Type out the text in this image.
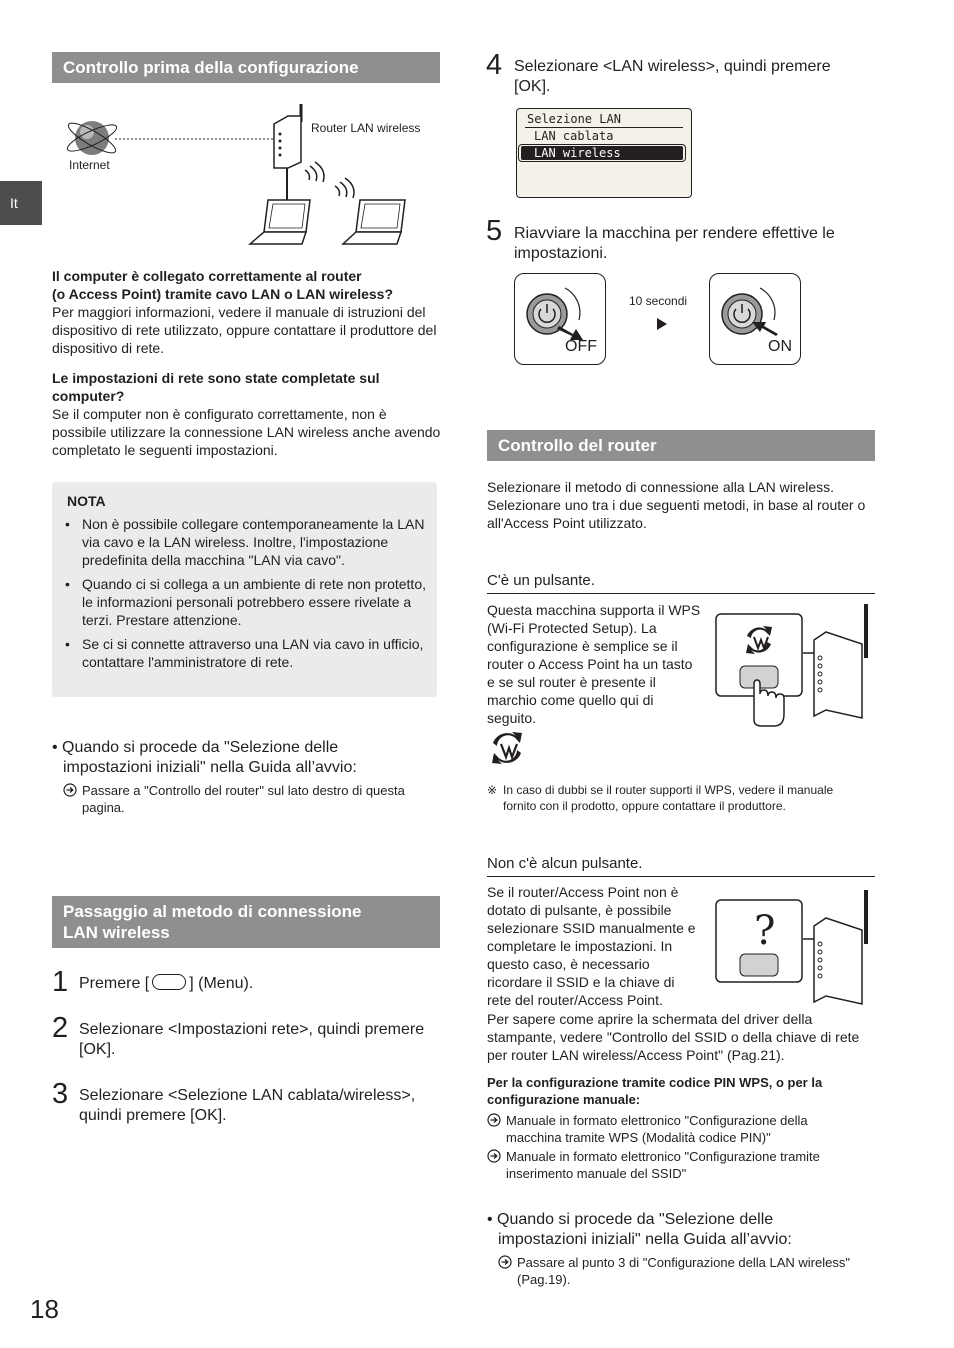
It
Controllo prima della configurazione
Internet
Router LAN wireless

Il computer è collegato correttamente al router

(o Access Point) tramite cavo LAN o LAN wireless?

Per maggiori informazioni, vedere il manuale di istruzioni del dispositivo di rete utilizzato, oppure contattare il produttore del dispositivo di rete.

Le impostazioni di rete sono state completate sul computer?

Se il computer non è configurato correttamente, non è possibile utilizzare la connessione LAN wireless anche avendo completato le seguenti impostazioni.

NOTA
• Non è possibile collegare contemporaneamente la LAN via cavo e la LAN wireless. Inoltre, l'impostazione predefinita della macchina "LAN via cavo".
• Quando ci si collega a un ambiente di rete non protetto, le informazioni personali potrebbero essere rivelate a terzi. Prestare attenzione.
• Se ci si connette attraverso una LAN via cavo in ufficio, contattare l'amministratore di rete.
• Quando si procede da "Selezione delle impostazioni iniziali" nella Guida all’avvio:
Passare a "Controllo del router" sul lato destro di questa pagina.
Passaggio al metodo di connessione
LAN wireless
1 Premere [	] (Menu).
2 Selezionare <Impostazioni rete>, quindi premere [OK].
3 Selezionare <Selezione LAN cablata/wireless>, quindi premere [OK].
18
4 Selezionare <LAN wireless>, quindi premere [OK].
Selezione LAN
LAN cablata
LAN wireless
5 Riavviare la macchina per rendere effettive le impostazioni.
OFF
10 secondi
ON
Controllo del router

Selezionare il metodo di connessione alla LAN wireless. Selezionare uno tra i due seguenti metodi, in base al router o all'Access Point utilizzato.

C'è un pulsante.

Questa macchina supporta il WPS (Wi-Fi Protected Setup). La configurazione è semplice se il router o Access Point ha un tasto e se sul router è presente il marchio come quello qui di seguito.

※ In caso di dubbi se il router supporti il WPS, vedere il manuale fornito con il prodotto, oppure contattare il produttore.
Non c'è alcun pulsante.

Se il router/Access Point non è dotato di pulsante, è possibile selezionare SSID manualmente e completare le impostazioni. In questo caso, è necessario ricordare il SSID e la chiave di rete del router/Access Point.

?

Per sapere come aprire la schermata del driver della stampante, vedere "Controllo del SSID o della chiave di rete per router LAN wireless/Access Point" (Pag.21).

Per la configurazione tramite codice PIN WPS, o per la configurazione manuale:

Manuale in formato elettronico "Configurazione della macchina tramite WPS (Modalità codice PIN)"
Manuale in formato elettronico "Configurazione tramite inserimento manuale del SSID"
• Quando si procede da "Selezione delle impostazioni iniziali" nella Guida all’avvio:
Passare al punto 3 di "Configurazione della LAN wireless" (Pag.19).
